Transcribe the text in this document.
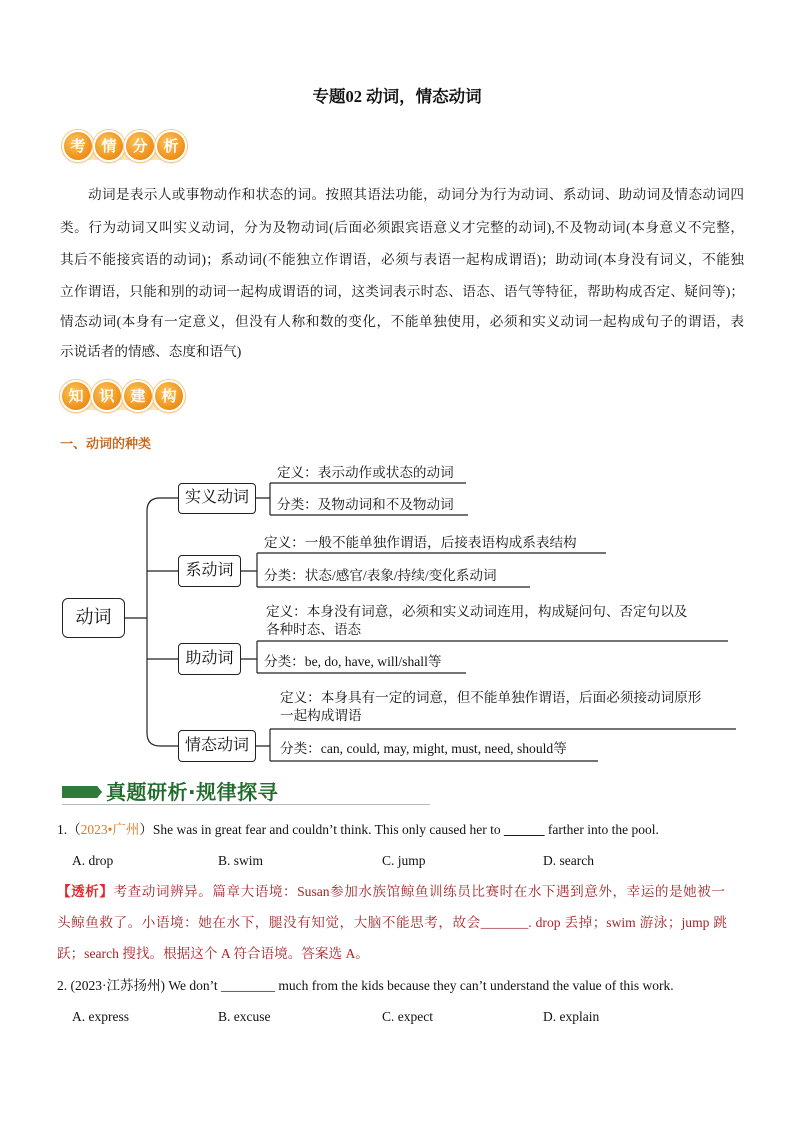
专题02 动词，情态动词
考	情	分	析
动词是表示人或事物动作和状态的词。按照其语法功能，动词分为行为动词、系动词、助动词及情态动词四
类。行为动词又叫实义动词，分为及物动词(后面必须跟宾语意义才完整的动词),不及物动词(本身意义不完整，
其后不能接宾语的动词)；系动词(不能独立作谓语，必须与表语一起构成谓语)；助动词(本身没有词义，不能独
立作谓语，只能和别的动词一起构成谓语的词，这类词表示时态、语态、语气等特征，帮助构成否定、疑问等)；
情态动词(本身有一定意义，但没有人称和数的变化，不能单独使用，必须和实义动词一起构成句子的谓语，表
示说话者的情感、态度和语气)
知	识	建	构
一、动词的种类
动词
实义动词
系动词
助动词
情态动词
定义：表示动作或状态的动词
分类：及物动词和不及物动词
定义：一般不能单独作谓语，后接表语构成系表结构
分类：状态/感官/表象/持续/变化系动词
定义：本身没有词意，必须和实义动词连用，构成疑问句、否定句以及
各种时态、语态
分类：be, do, have, will/shall等
定义：本身具有一定的词意，但不能单独作谓语，后面必须接动词原形
一起构成谓语
分类：can, could, may, might, must, need, should等
真题研析·规律探寻
1.（2023•广州）She was in great fear and couldn’t think. This only caused her to ______ farther into the pool.
A. drop	B. swim	C. jump	D. search
【透析】考查动词辨异。篇章大语境：Susan参加水族馆鲸鱼训练员比赛时在水下遇到意外，幸运的是她被一
头鲸鱼救了。小语境：她在水下，腿没有知觉，大脑不能思考，故会_______. drop 丢掉；swim 游泳；jump 跳
跃；search 搜找。根据这个 A 符合语境。答案选 A。
2. (2023·江苏扬州) We don’t ________ much from the kids because they can’t understand the value of this work.
A. express	B. excuse	C. expect	D. explain
